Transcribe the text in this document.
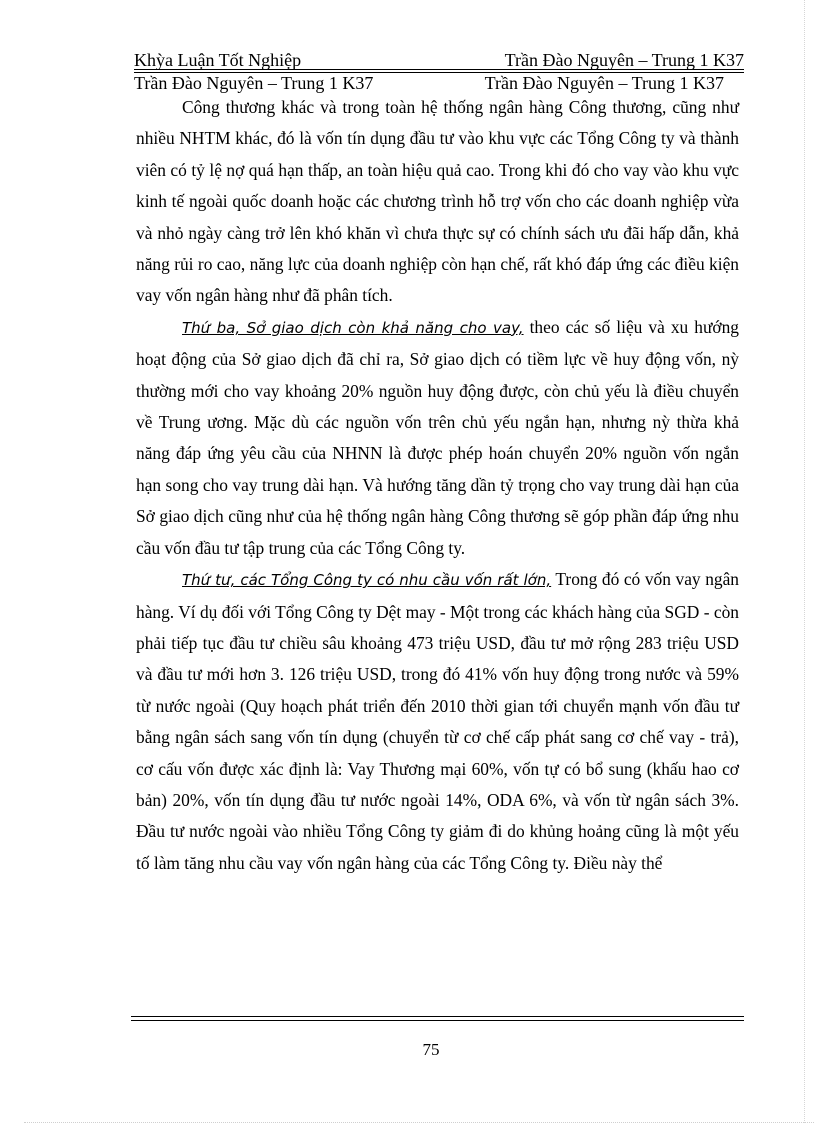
Khỳa Luận Tốt Nghiệp	Trần Đào Nguyên – Trung 1 K37
Trần Đào Nguyên – Trung 1 K37	Trần Đào Nguyên – Trung 1 K37

Công thương khác và trong toàn hệ thống ngân hàng Công thương, cũng như nhiều NHTM khác, đó là vốn tín dụng đầu tư vào khu vực các Tổng Công ty và thành viên có tỷ lệ nợ quá hạn thấp, an toàn hiệu quả cao. Trong khi đó cho vay vào khu vực kinh tế ngoài quốc doanh hoặc các chương trình hỗ trợ vốn cho các doanh nghiệp vừa và nhỏ ngày càng trở lên khó khăn vì chưa thực sự có chính sách ưu đãi hấp dẫn, khả năng rủi ro cao, năng lực của doanh nghiệp còn hạn chế, rất khó đáp ứng các điều kiện vay vốn ngân hàng như đã phân tích.

Thứ ba, Sở giao dịch còn khả năng cho vay, theo các số liệu và xu hướng hoạt động của Sở giao dịch đã chỉ ra, Sở giao dịch có tiềm lực về huy động vốn, nỳ thường mới cho vay khoảng 20% nguồn huy động được, còn chủ yếu là điều chuyển về Trung ương. Mặc dù các nguồn vốn trên chủ yếu ngắn hạn, nhưng nỳ thừa khả năng đáp ứng yêu cầu của NHNN là được phép hoán chuyển 20% nguồn vốn ngắn hạn song cho vay trung dài hạn. Và hướng tăng dần tỷ trọng cho vay trung dài hạn của Sở giao dịch cũng như của hệ thống ngân hàng Công thương sẽ góp phần đáp ứng nhu cầu vốn đầu tư tập trung của các Tổng Công ty.

Thứ tư, các Tổng Công ty có nhu cầu vốn rất lớn, Trong đó có vốn vay ngân hàng. Ví dụ đối với Tổng Công ty Dệt may - Một trong các khách hàng của SGD - còn phải tiếp tục đầu tư chiều sâu khoảng 473 triệu USD, đầu tư mở rộng 283 triệu USD và đầu tư mới hơn 3. 126 triệu USD, trong đó 41% vốn huy động trong nước và 59% từ nước ngoài (Quy hoạch phát triển đến 2010 thời gian tới chuyển mạnh vốn đầu tư bằng ngân sách sang vốn tín dụng (chuyển từ cơ chế cấp phát sang cơ chế vay - trả), cơ cấu vốn được xác định là: Vay Thương mại 60%, vốn tự có bổ sung (khấu hao cơ bản) 20%, vốn tín dụng đầu tư nước ngoài 14%, ODA 6%, và vốn từ ngân sách 3%. Đầu tư nước ngoài vào nhiều Tổng Công ty giảm đi do khủng hoảng cũng là một yếu tố làm tăng nhu cầu vay vốn ngân hàng của các Tổng Công ty. Điều này thể

75
